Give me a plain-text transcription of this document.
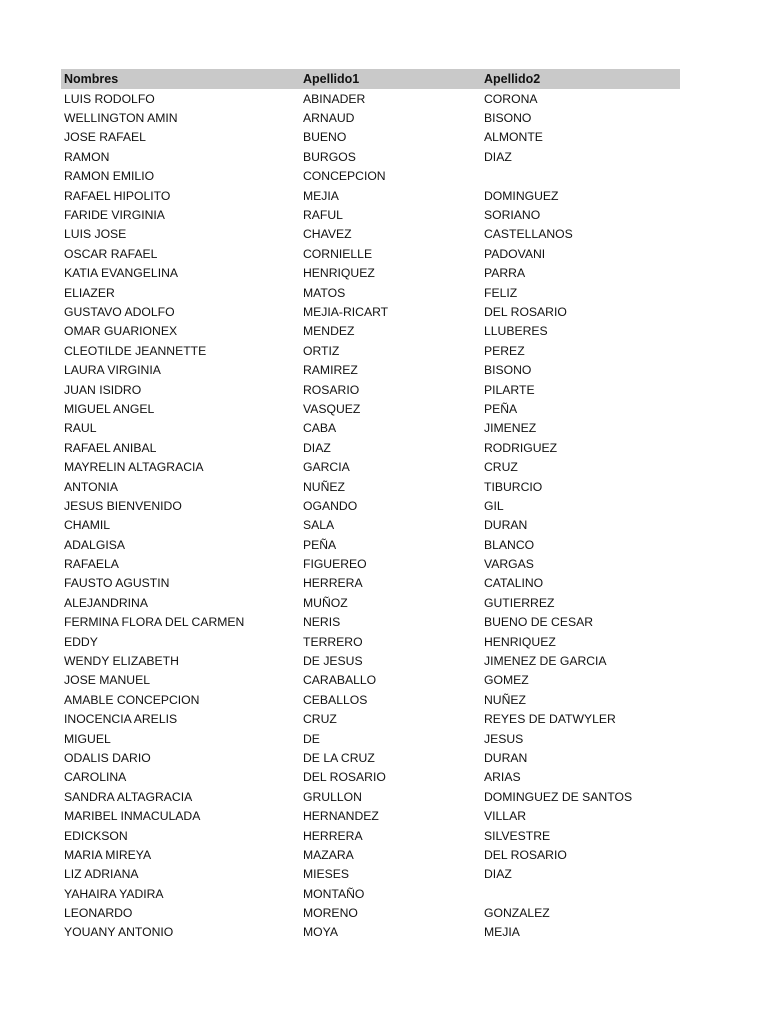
Nombres	Apellido1	Apellido2
LUIS RODOLFO	ABINADER	CORONA
WELLINGTON AMIN	ARNAUD	BISONO
JOSE RAFAEL	BUENO	ALMONTE
RAMON	BURGOS	DIAZ
RAMON EMILIO	CONCEPCION
RAFAEL HIPOLITO	MEJIA	DOMINGUEZ
FARIDE VIRGINIA	RAFUL	SORIANO
LUIS JOSE	CHAVEZ	CASTELLANOS
OSCAR RAFAEL	CORNIELLE	PADOVANI
KATIA EVANGELINA	HENRIQUEZ	PARRA
ELIAZER	MATOS	FELIZ
GUSTAVO ADOLFO	MEJIA-RICART	DEL ROSARIO
OMAR GUARIONEX	MENDEZ	LLUBERES
CLEOTILDE JEANNETTE	ORTIZ	PEREZ
LAURA VIRGINIA	RAMIREZ	BISONO
JUAN ISIDRO	ROSARIO	PILARTE
MIGUEL ANGEL	VASQUEZ	PEÑA
RAUL	CABA	JIMENEZ
RAFAEL ANIBAL	DIAZ	RODRIGUEZ
MAYRELIN ALTAGRACIA	GARCIA	CRUZ
ANTONIA	NUÑEZ	TIBURCIO
JESUS BIENVENIDO	OGANDO	GIL
CHAMIL	SALA	DURAN
ADALGISA	PEÑA	BLANCO
RAFAELA	FIGUEREO	VARGAS
FAUSTO AGUSTIN	HERRERA	CATALINO
ALEJANDRINA	MUÑOZ	GUTIERREZ
FERMINA FLORA DEL CARMEN	NERIS	BUENO DE CESAR
EDDY	TERRERO	HENRIQUEZ
WENDY ELIZABETH	DE JESUS	JIMENEZ DE GARCIA
JOSE MANUEL	CARABALLO	GOMEZ
AMABLE CONCEPCION	CEBALLOS	NUÑEZ
INOCENCIA ARELIS	CRUZ	REYES DE DATWYLER
MIGUEL	DE	JESUS
ODALIS DARIO	DE LA CRUZ	DURAN
CAROLINA	DEL ROSARIO	ARIAS
SANDRA ALTAGRACIA	GRULLON	DOMINGUEZ DE SANTOS
MARIBEL INMACULADA	HERNANDEZ	VILLAR
EDICKSON	HERRERA	SILVESTRE
MARIA MIREYA	MAZARA	DEL ROSARIO
LIZ ADRIANA	MIESES	DIAZ
YAHAIRA YADIRA	MONTAÑO
LEONARDO	MORENO	GONZALEZ
YOUANY ANTONIO	MOYA	MEJIA
